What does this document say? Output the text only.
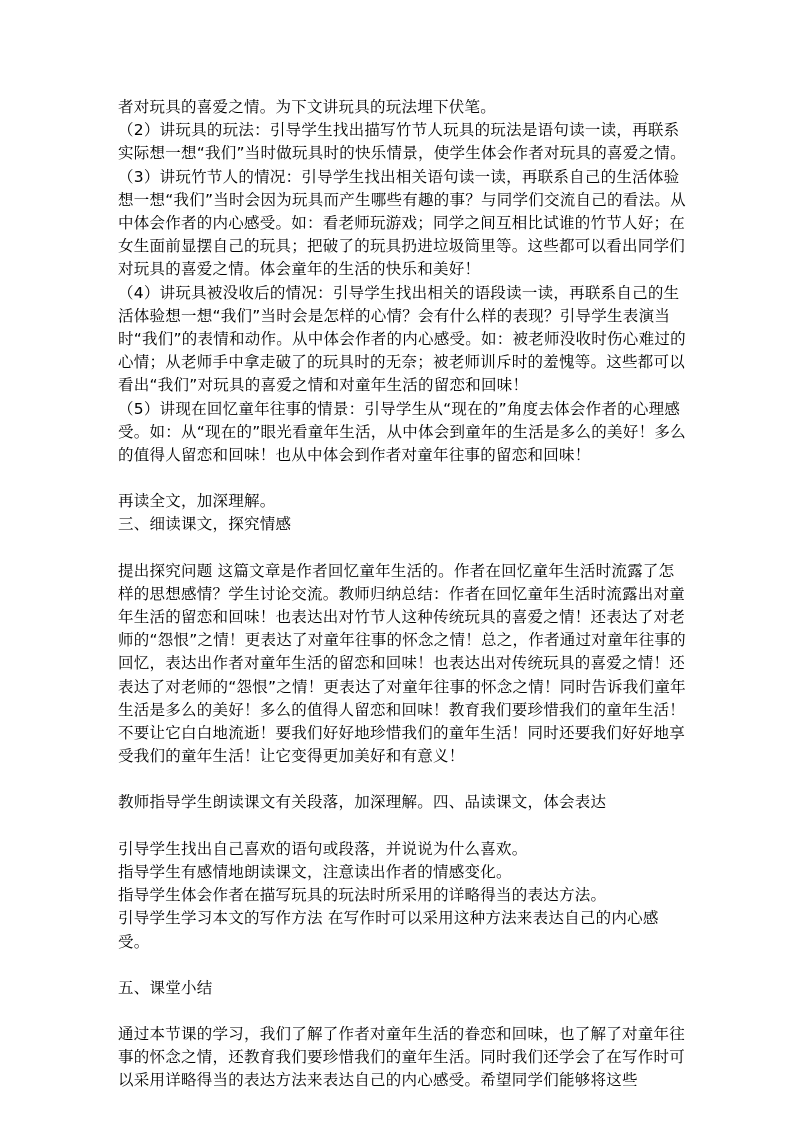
者对玩具的喜爱之情。为下文讲玩具的玩法埋下伏笔。

（2）讲玩具的玩法：引导学生找出描写竹节人玩具的玩法是语句读一读，再联系实际想一想“我们”当时做玩具时的快乐情景，使学生体会作者对玩具的喜爱之情。

（3）讲玩竹节人的情况：引导学生找出相关语句读一读，再联系自己的生活体验想一想“我们”当时会因为玩具而产生哪些有趣的事？与同学们交流自己的看法。从中体会作者的内心感受。如：看老师玩游戏；同学之间互相比试谁的竹节人好；在女生面前显摆自己的玩具；把破了的玩具扔进垃圾筒里等。这些都可以看出同学们对玩具的喜爱之情。体会童年的生活的快乐和美好！

（4）讲玩具被没收后的情况：引导学生找出相关的语段读一读，再联系自己的生活体验想一想“我们”当时会是怎样的心情？会有什么样的表现？引导学生表演当时“我们”的表情和动作。从中体会作者的内心感受。如：被老师没收时伤心难过的心情；从老师手中拿走破了的玩具时的无奈；被老师训斥时的羞愧等。这些都可以看出“我们”对玩具的喜爱之情和对童年生活的留恋和回味！

（5）讲现在回忆童年往事的情景：引导学生从“现在的”角度去体会作者的心理感受。如：从“现在的”眼光看童年生活，从中体会到童年的生活是多么的美好！多么的值得人留恋和回味！也从中体会到作者对童年往事的留恋和回味！

再读全文，加深理解。

三、细读课文，探究情感

提出探究问题 这篇文章是作者回忆童年生活的。作者在回忆童年生活时流露了怎样的思想感情？学生讨论交流。教师归纳总结：作者在回忆童年生活时流露出对童年生活的留恋和回味！也表达出对竹节人这种传统玩具的喜爱之情！还表达了对老师的“怨恨”之情！更表达了对童年往事的怀念之情！总之，作者通过对童年往事的回忆，表达出作者对童年生活的留恋和回味！也表达出对传统玩具的喜爱之情！还表达了对老师的“怨恨”之情！更表达了对童年往事的怀念之情！同时告诉我们童年生活是多么的美好！多么的值得人留恋和回味！教育我们要珍惜我们的童年生活！不要让它白白地流逝！要我们好好地珍惜我们的童年生活！同时还要我们好好地享受我们的童年生活！让它变得更加美好和有意义！

教师指导学生朗读课文有关段落，加深理解。四、品读课文，体会表达

引导学生找出自己喜欢的语句或段落，并说说为什么喜欢。

指导学生有感情地朗读课文，注意读出作者的情感变化。

指导学生体会作者在描写玩具的玩法时所采用的详略得当的表达方法。

引导学生学习本文的写作方法 在写作时可以采用这种方法来表达自己的内心感受。

五、课堂小结

通过本节课的学习，我们了解了作者对童年生活的眷恋和回味，也了解了对童年往事的怀念之情，还教育我们要珍惜我们的童年生活。同时我们还学会了在写作时可以采用详略得当的表达方法来表达自己的内心感受。希望同学们能够将这些
